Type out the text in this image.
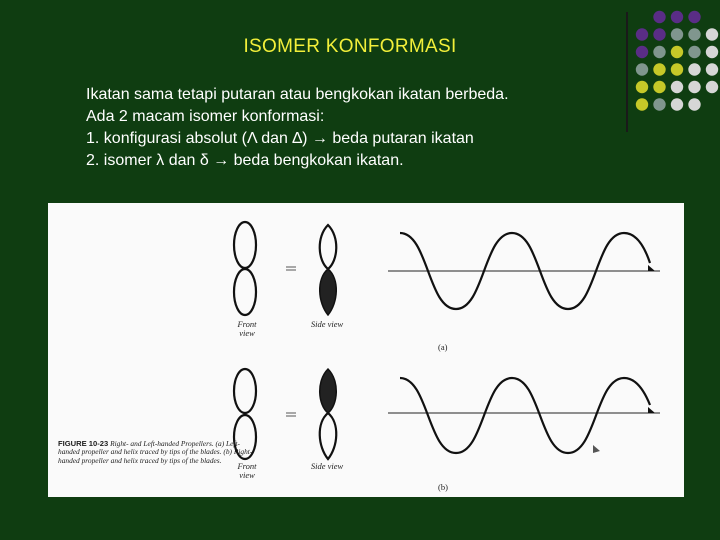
ISOMER KONFORMASI
Ikatan sama tetapi putaran atau bengkokan ikatan berbeda.
Ada 2 macam isomer konformasi:
1. konfigurasi absolut (Λ dan ∆) → beda putaran ikatan
2. isomer λ dan δ → beda bengkokan ikatan.
Front view
Side view
(a)
Front view
Side view
(b)
FIGURE 10-23 Right- and Left-handed Propellers. (a) Left-handed propeller and helix traced by tips of the blades. (b) Right-handed propeller and helix traced by tips of the blades.
